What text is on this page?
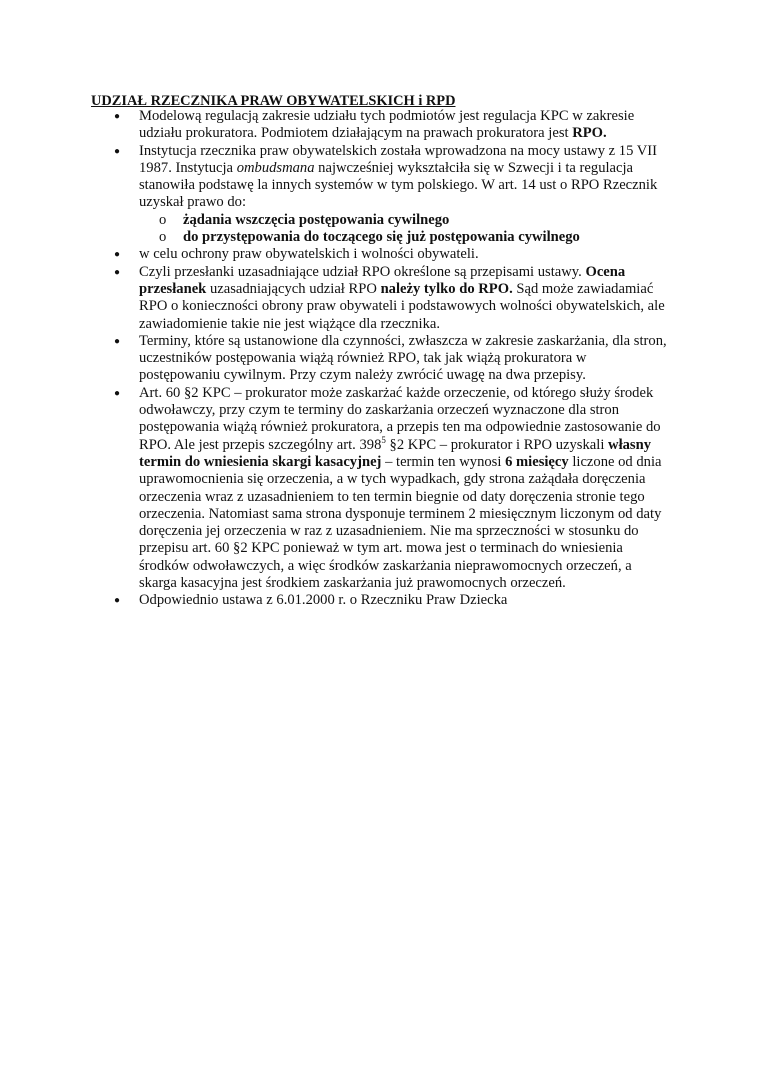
UDZIAŁ RZECZNIKA PRAW OBYWATELSKICH i RPD
● Modelową regulacją zakresie udziału tych podmiotów jest regulacja KPC w zakresie udziału prokuratora. Podmiotem działającym na prawach prokuratora jest RPO.
● Instytucja rzecznika praw obywatelskich została wprowadzona na mocy ustawy z 15 VII 1987. Instytucja ombudsmana najwcześniej wykształciła się w Szwecji i ta regulacja stanowiła podstawę la innych systemów w tym polskiego. W art. 14 ust o RPO Rzecznik uzyskał prawo do:
o żądania wszczęcia postępowania cywilnego
o do przystępowania do toczącego się już postępowania cywilnego
● w celu ochrony praw obywatelskich i wolności obywateli.
● Czyli przesłanki uzasadniające udział RPO określone są przepisami ustawy. Ocena przesłanek uzasadniających udział RPO należy tylko do RPO. Sąd może zawiadamiać RPO o konieczności obrony praw obywateli i podstawowych wolności obywatelskich, ale zawiadomienie takie nie jest wiążące dla rzecznika.
● Terminy, które są ustanowione dla czynności, zwłaszcza w zakresie zaskarżania, dla stron, uczestników postępowania wiążą również RPO, tak jak wiążą prokuratora w postępowaniu cywilnym. Przy czym należy zwrócić uwagę na dwa przepisy.
● Art. 60 §2 KPC – prokurator może zaskarżać każde orzeczenie, od którego służy środek odwoławczy, przy czym te terminy do zaskarżania orzeczeń wyznaczone dla stron postępowania wiążą również prokuratora, a przepis ten ma odpowiednie zastosowanie do RPO. Ale jest przepis szczególny art. $398^5$ §2 KPC – prokurator i RPO uzyskali własny termin do wniesienia skargi kasacyjnej – termin ten wynosi 6 miesięcy liczone od dnia uprawomocnienia się orzeczenia, a w tych wypadkach, gdy strona zażądała doręczenia orzeczenia wraz z uzasadnieniem to ten termin biegnie od daty doręczenia stronie tego orzeczenia. Natomiast sama strona dysponuje terminem 2 miesięcznym liczonym od daty doręczenia jej orzeczenia w raz z uzasadnieniem. Nie ma sprzeczności w stosunku do przepisu art. 60 §2 KPC ponieważ w tym art. mowa jest o terminach do wniesienia środków odwoławczych, a więc środków zaskarżania nieprawomocnych orzeczeń, a skarga kasacyjna jest środkiem zaskarżania już prawomocnych orzeczeń.
● Odpowiednio ustawa z 6.01.2000 r. o Rzeczniku Praw Dziecka
